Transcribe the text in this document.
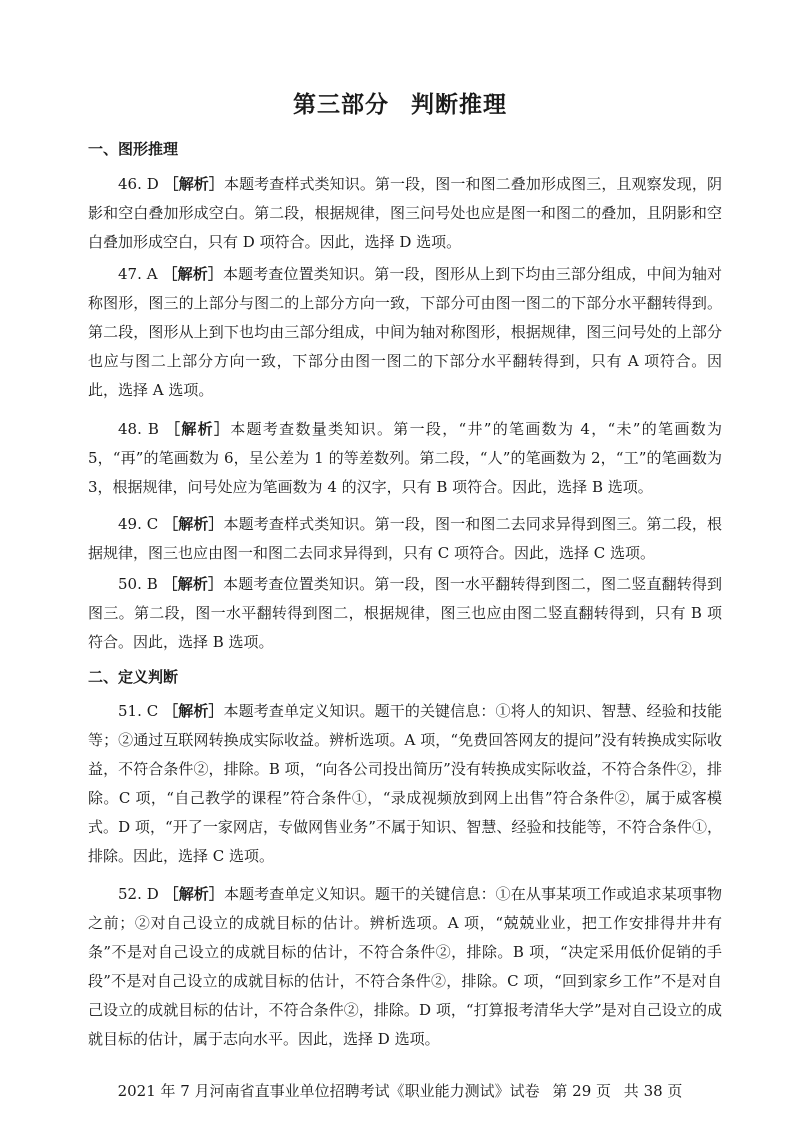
第三部分 判断推理
一、图形推理
46. D ［解析］本题考查样式类知识。第一段，图一和图二叠加形成图三，且观察发现，阴影和空白叠加形成空白。第二段，根据规律，图三问号处也应是图一和图二的叠加，且阴影和空白叠加形成空白，只有 D 项符合。因此，选择 D 选项。
47. A ［解析］本题考查位置类知识。第一段，图形从上到下均由三部分组成，中间为轴对称图形，图三的上部分与图二的上部分方向一致，下部分可由图一图二的下部分水平翻转得到。第二段，图形从上到下也均由三部分组成，中间为轴对称图形，根据规律，图三问号处的上部分也应与图二上部分方向一致，下部分由图一图二的下部分水平翻转得到，只有 A 项符合。因此，选择 A 选项。
48. B ［解析］本题考查数量类知识。第一段，“井”的笔画数为 4，“未”的笔画数为 5，“再”的笔画数为 6，呈公差为 1 的等差数列。第二段，“人”的笔画数为 2，“工”的笔画数为 3，根据规律，问号处应为笔画数为 4 的汉字，只有 B 项符合。因此，选择 B 选项。
49. C ［解析］本题考查样式类知识。第一段，图一和图二去同求异得到图三。第二段，根据规律，图三也应由图一和图二去同求异得到，只有 C 项符合。因此，选择 C 选项。
50. B ［解析］本题考查位置类知识。第一段，图一水平翻转得到图二，图二竖直翻转得到图三。第二段，图一水平翻转得到图二，根据规律，图三也应由图二竖直翻转得到，只有 B 项符合。因此，选择 B 选项。
二、定义判断
51. C ［解析］本题考查单定义知识。题干的关键信息：①将人的知识、智慧、经验和技能等；②通过互联网转换成实际收益。辨析选项。A 项，“免费回答网友的提问”没有转换成实际收益，不符合条件②，排除。B 项，“向各公司投出简历”没有转换成实际收益，不符合条件②，排除。C 项，“自己教学的课程”符合条件①，“录成视频放到网上出售”符合条件②，属于威客模式。D 项，“开了一家网店，专做网售业务”不属于知识、智慧、经验和技能等，不符合条件①，排除。因此，选择 C 选项。
52. D ［解析］本题考查单定义知识。题干的关键信息：①在从事某项工作或追求某项事物之前；②对自己设立的成就目标的估计。辨析选项。A 项，“兢兢业业，把工作安排得井井有条”不是对自己设立的成就目标的估计，不符合条件②，排除。B 项，“决定采用低价促销的手段”不是对自己设立的成就目标的估计，不符合条件②，排除。C 项，“回到家乡工作”不是对自己设立的成就目标的估计，不符合条件②，排除。D 项，“打算报考清华大学”是对自己设立的成就目标的估计，属于志向水平。因此，选择 D 选项。
2021 年 7 月河南省直事业单位招聘考试《职业能力测试》试卷 第 29 页 共 38 页
